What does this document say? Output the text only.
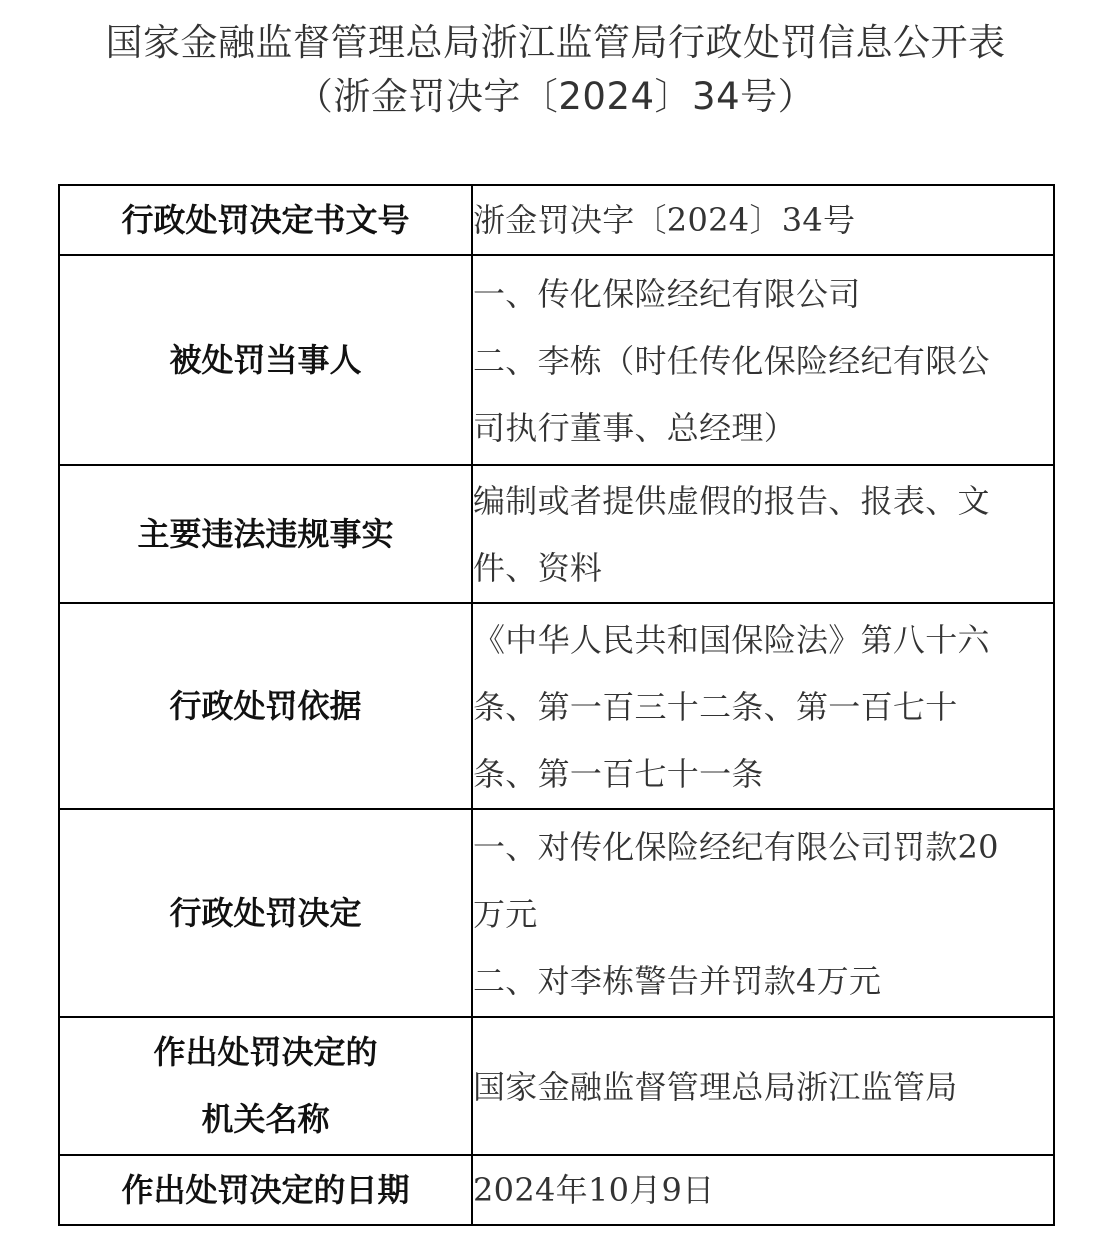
国家金融监督管理总局浙江监管局行政处罚信息公开表
（浙金罚决字〔2024〕34号）
行政处罚决定书文号	浙金罚决字〔2024〕34号

被处罚当事人	一、传化保险经纪有限公司
二、李栋（时任传化保险经纪有限公
司执行董事、总经理）

主要违法违规事实	编制或者提供虚假的报告、报表、文
件、资料

行政处罚依据	《中华人民共和国保险法》第八十六
条、第一百三十二条、第一百七十
条、第一百七十一条

行政处罚决定	一、对传化保险经纪有限公司罚款20
万元
二、对李栋警告并罚款4万元

作出处罚决定的
机关名称	国家金融监督管理总局浙江监管局

作出处罚决定的日期	2024年10月9日
